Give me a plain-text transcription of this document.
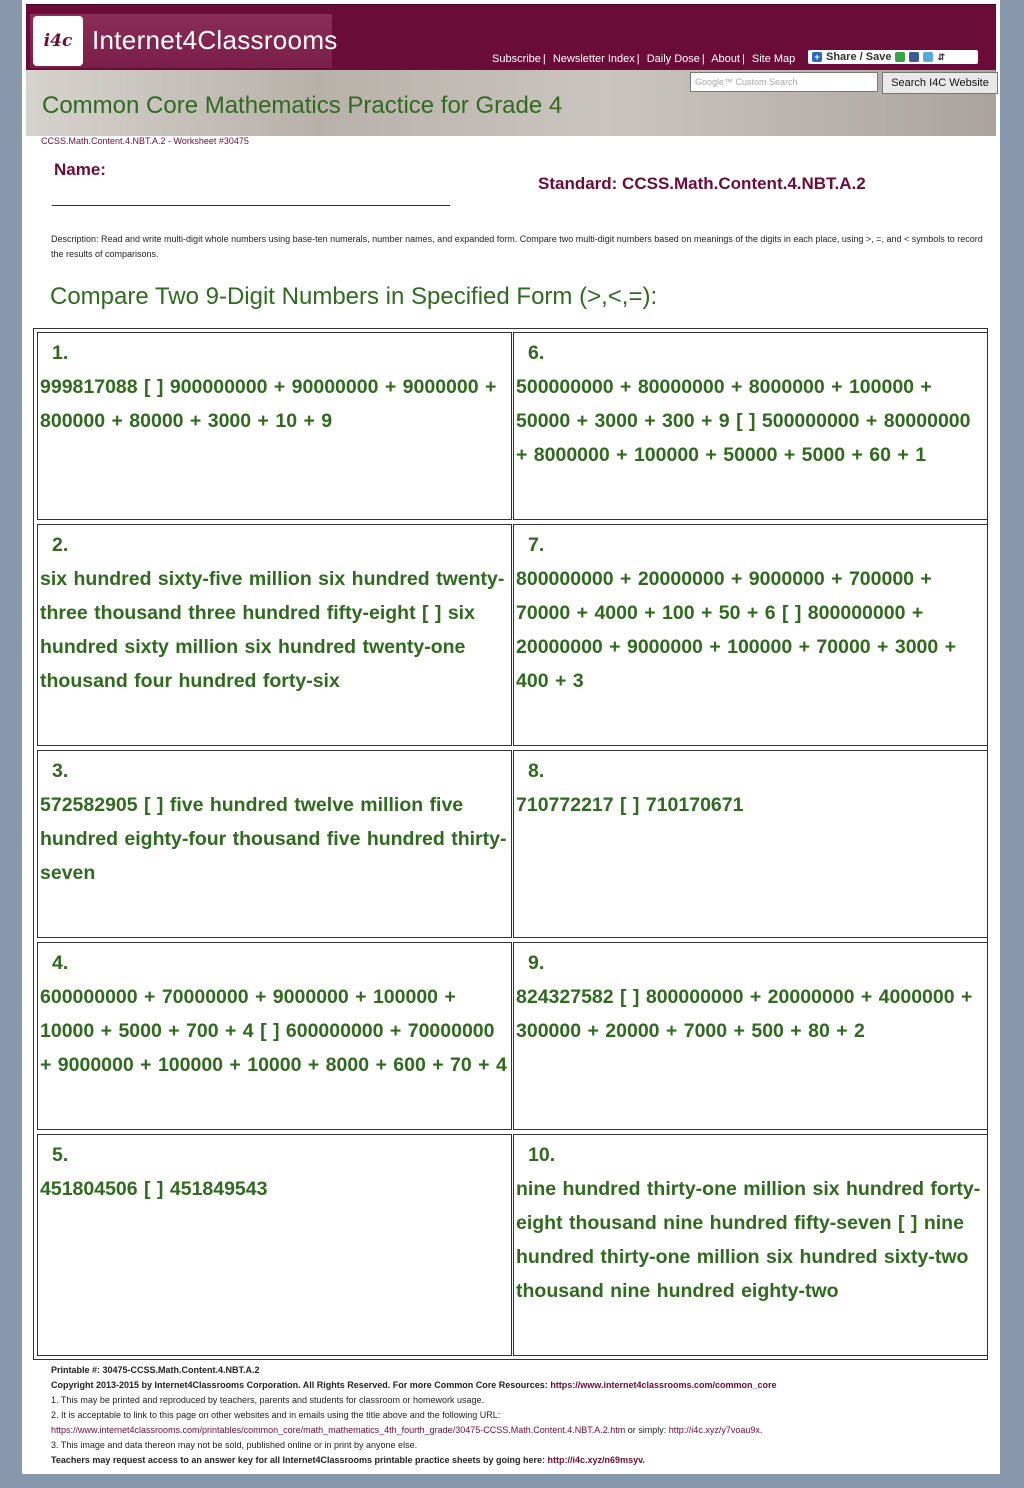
i4c Internet4Classrooms
Subscribe | Newsletter Index | Daily Dose | About | Site Map + Share / Save	⇵
Google™ Custom Search	Search I4C Website
Common Core Mathematics Practice for Grade 4
CCSS.Math.Content.4.NBT.A.2 - Worksheet #30475
Name:
Standard: CCSS.Math.Content.4.NBT.A.2
Description: Read and write multi-digit whole numbers using base-ten numerals, number names, and expanded form. Compare two multi-digit numbers based on meanings of the digits in each place, using >, =, and < symbols to record the results of comparisons.
Compare Two 9-Digit Numbers in Specified Form (>,<,=):
1.
999817088 [ ] 900000000 + 90000000 + 9000000 + 800000 + 80000 + 3000 + 10 + 9
2.
six hundred sixty-five million six hundred twenty-three thousand three hundred fifty-eight [ ] six hundred sixty million six hundred twenty-one thousand four hundred forty-six
3.
572582905 [ ] five hundred twelve million five hundred eighty-four thousand five hundred thirty-seven
4.
600000000 + 70000000 + 9000000 + 100000 + 10000 + 5000 + 700 + 4 [ ] 600000000 + 70000000 + 9000000 + 100000 + 10000 + 8000 + 600 + 70 + 4
5.
451804506 [ ] 451849543
6.
500000000 + 80000000 + 8000000 + 100000 + 50000 + 3000 + 300 + 9 [ ] 500000000 + 80000000 + 8000000 + 100000 + 50000 + 5000 + 60 + 1
7.
800000000 + 20000000 + 9000000 + 700000 + 70000 + 4000 + 100 + 50 + 6 [ ] 800000000 + 20000000 + 9000000 + 100000 + 70000 + 3000 + 400 + 3
8.
710772217 [ ] 710170671
9.
824327582 [ ] 800000000 + 20000000 + 4000000 + 300000 + 20000 + 7000 + 500 + 80 + 2
10.
nine hundred thirty-one million six hundred forty-eight thousand nine hundred fifty-seven [ ] nine hundred thirty-one million six hundred sixty-two thousand nine hundred eighty-two
Printable #: 30475-CCSS.Math.Content.4.NBT.A.2
Copyright 2013-2015 by Internet4Classrooms Corporation. All Rights Reserved. For more Common Core Resources: https://www.internet4classrooms.com/common_core
1. This may be printed and reproduced by teachers, parents and students for classroom or homework usage.
2. It is acceptable to link to this page on other websites and in emails using the title above and the following URL:
https://www.internet4classrooms.com/printables/common_core/math_mathematics_4th_fourth_grade/30475-CCSS.Math.Content.4.NBT.A.2.htm or simply: http://i4c.xyz/y7voau9x.
3. This image and data thereon may not be sold, published online or in print by anyone else.
Teachers may request access to an answer key for all Internet4Classrooms printable practice sheets by going here: http://i4c.xyz/n69msyv.
